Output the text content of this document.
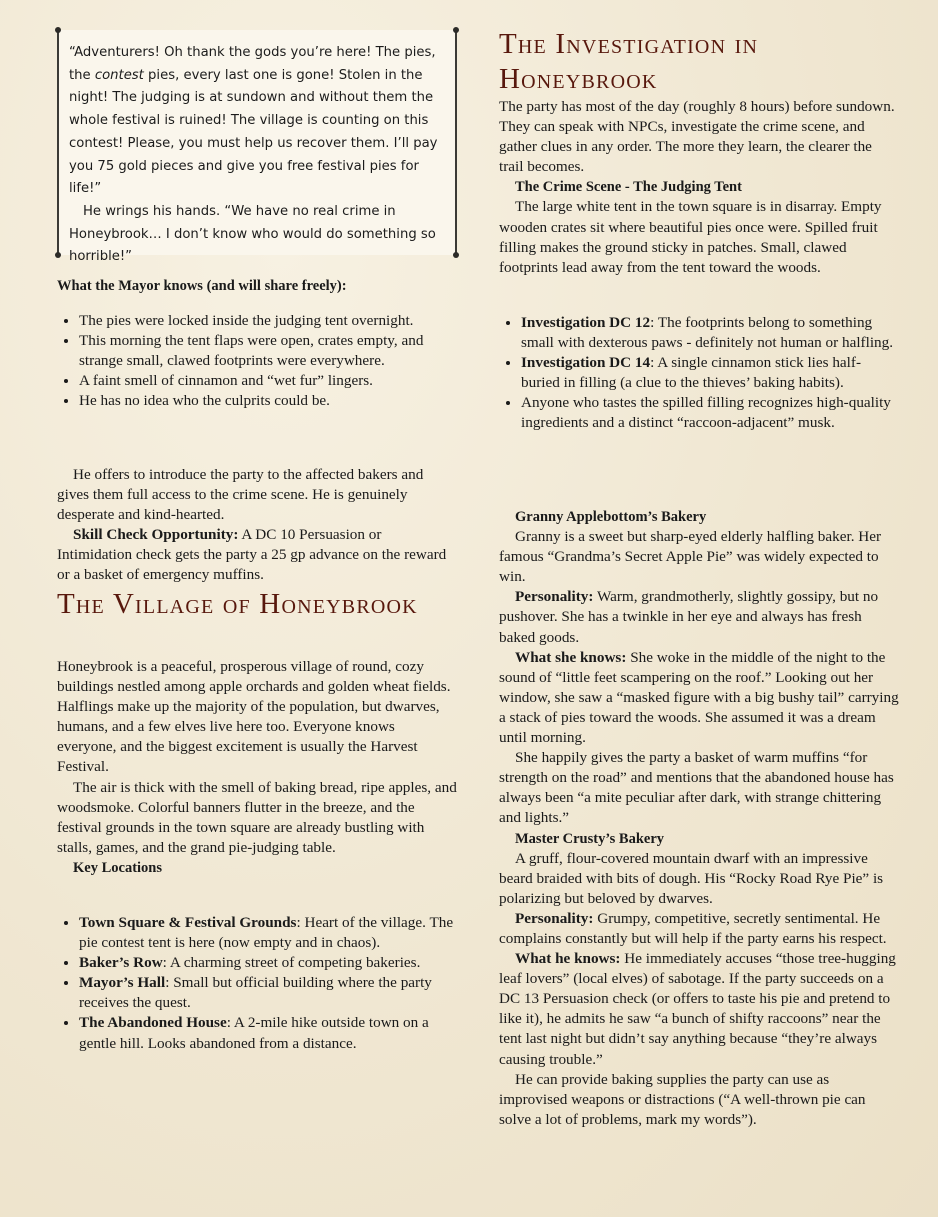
“Adventurers! Oh thank the gods you’re here! The pies, the contest pies, every last one is gone! Stolen in the night! The judging is at sundown and without them the whole festival is ruined! The village is counting on this contest! Please, you must help us recover them. I’ll pay you 75 gold pieces and give you free festival pies for life!”

He wrings his hands. “We have no real crime in Honeybrook… I don’t know who would do something so horrible!”

What the Mayor knows (and will share freely):

• The pies were locked inside the judging tent overnight.
• This morning the tent flaps were open, crates empty, and strange small, clawed footprints were everywhere.
• A faint smell of cinnamon and “wet fur” lingers.
• He has no idea who the culprits could be.

He offers to introduce the party to the affected bakers and gives them full access to the crime scene. He is genuinely desperate and kind-hearted.

Skill Check Opportunity: A DC 10 Persuasion or Intimidation check gets the party a 25 gp advance on the reward or a basket of emergency muffins.

The Village of Honeybrook

Honeybrook is a peaceful, prosperous village of round, cozy buildings nestled among apple orchards and golden wheat fields. Halflings make up the majority of the population, but dwarves, humans, and a few elves live here too. Everyone knows everyone, and the biggest excitement is usually the Harvest Festival.

The air is thick with the smell of baking bread, ripe apples, and woodsmoke. Colorful banners flutter in the breeze, and the festival grounds in the town square are already bustling with stalls, games, and the grand pie-judging table.

Key Locations

• Town Square & Festival Grounds: Heart of the village. The pie contest tent is here (now empty and in chaos).
• Baker’s Row: A charming street of competing bakeries.
• Mayor’s Hall: Small but official building where the party receives the quest.
• The Abandoned House: A 2-mile hike outside town on a gentle hill. Looks abandoned from a distance.
The Investigation in Honeybrook

The party has most of the day (roughly 8 hours) before sundown. They can speak with NPCs, investigate the crime scene, and gather clues in any order. The more they learn, the clearer the trail becomes.

The Crime Scene - The Judging Tent

The large white tent in the town square is in disarray. Empty wooden crates sit where beautiful pies once were. Spilled fruit filling makes the ground sticky in patches. Small, clawed footprints lead away from the tent toward the woods.

• Investigation DC 12: The footprints belong to something small with dexterous paws - definitely not human or halfling.
• Investigation DC 14: A single cinnamon stick lies half-buried in filling (a clue to the thieves’ baking habits).
• Anyone who tastes the spilled filling recognizes high-quality ingredients and a distinct “raccoon-adjacent” musk.

Granny Applebottom’s Bakery

Granny is a sweet but sharp-eyed elderly halfling baker. Her famous “Grandma’s Secret Apple Pie” was widely expected to win.

Personality: Warm, grandmotherly, slightly gossipy, but no pushover. She has a twinkle in her eye and always has fresh baked goods.

What she knows: She woke in the middle of the night to the sound of “little feet scampering on the roof.” Looking out her window, she saw a “masked figure with a big bushy tail” carrying a stack of pies toward the woods. She assumed it was a dream until morning.

She happily gives the party a basket of warm muffins “for strength on the road” and mentions that the abandoned house has always been “a mite peculiar after dark, with strange chittering and lights.”

Master Crusty’s Bakery

A gruff, flour-covered mountain dwarf with an impressive beard braided with bits of dough. His “Rocky Road Rye Pie” is polarizing but beloved by dwarves.

Personality: Grumpy, competitive, secretly sentimental. He complains constantly but will help if the party earns his respect.

What he knows: He immediately accuses “those tree-hugging leaf lovers” (local elves) of sabotage. If the party succeeds on a DC 13 Persuasion check (or offers to taste his pie and pretend to like it), he admits he saw “a bunch of shifty raccoons” near the tent last night but didn’t say anything because “they’re always causing trouble.”

He can provide baking supplies the party can use as improvised weapons or distractions (“A well-thrown pie can solve a lot of problems, mark my words”).
